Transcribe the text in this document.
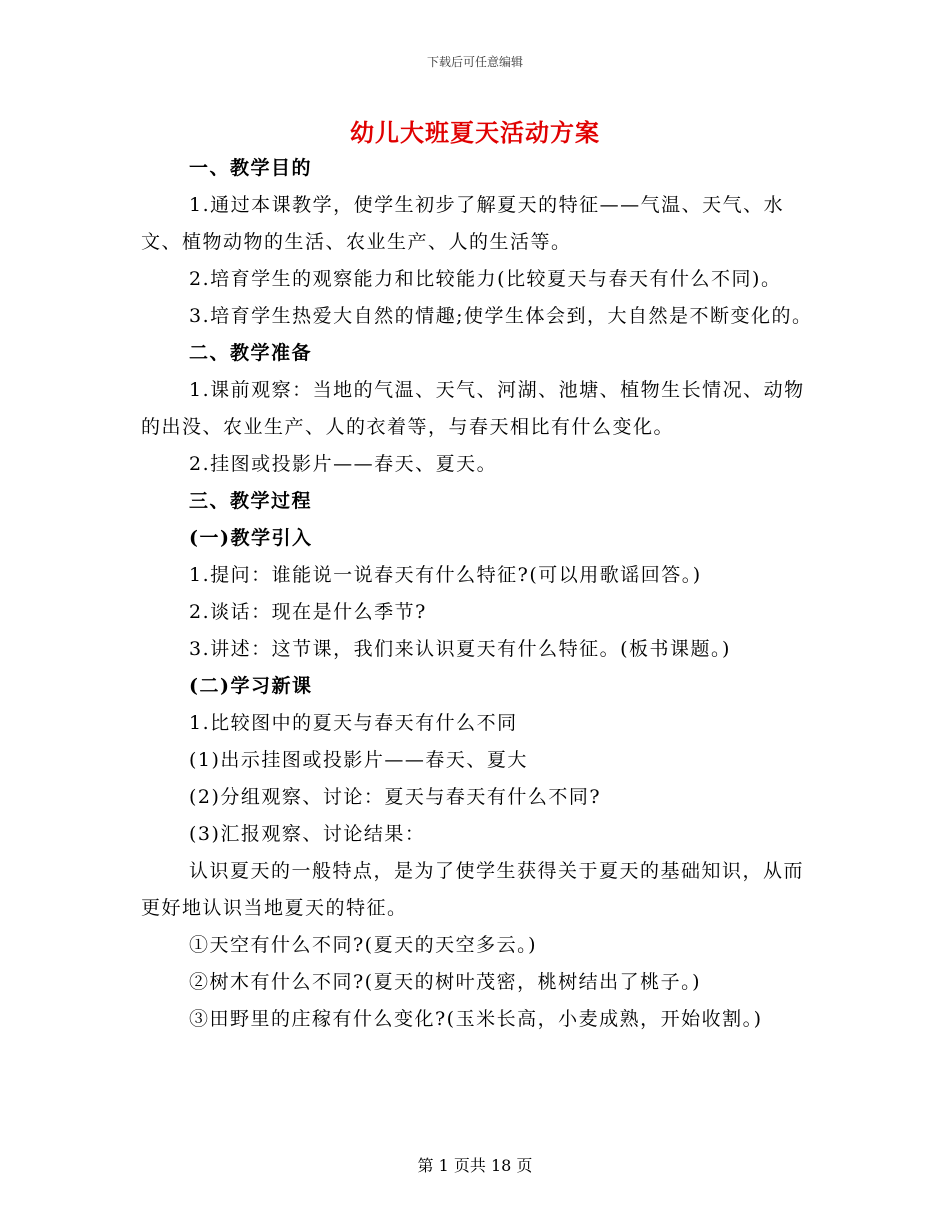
下载后可任意编辑
幼儿大班夏天活动方案

一、教学目的

1.通过本课教学，使学生初步了解夏天的特征——气温、天气、水文、植物动物的生活、农业生产、人的生活等。

2.培育学生的观察能力和比较能力(比较夏天与春天有什么不同)。

3.培育学生热爱大自然的情趣;使学生体会到，大自然是不断变化的。

二、教学准备

1.课前观察：当地的气温、天气、河湖、池塘、植物生长情况、动物的出没、农业生产、人的衣着等，与春天相比有什么变化。

2.挂图或投影片——春天、夏天。

三、教学过程

(一)教学引入

1.提问：谁能说一说春天有什么特征?(可以用歌谣回答。)

2.谈话：现在是什么季节?

3.讲述：这节课，我们来认识夏天有什么特征。(板书课题。)

(二)学习新课

1.比较图中的夏天与春天有什么不同

(1)出示挂图或投影片——春天、夏大

(2)分组观察、讨论：夏天与春天有什么不同?

(3)汇报观察、讨论结果：

认识夏天的一般特点，是为了使学生获得关于夏天的基础知识，从而更好地认识当地夏天的特征。

①天空有什么不同?(夏天的天空多云。)

②树木有什么不同?(夏天的树叶茂密，桃树结出了桃子。)

③田野里的庄稼有什么变化?(玉米长高，小麦成熟，开始收割。)

第 1 页共 18 页
